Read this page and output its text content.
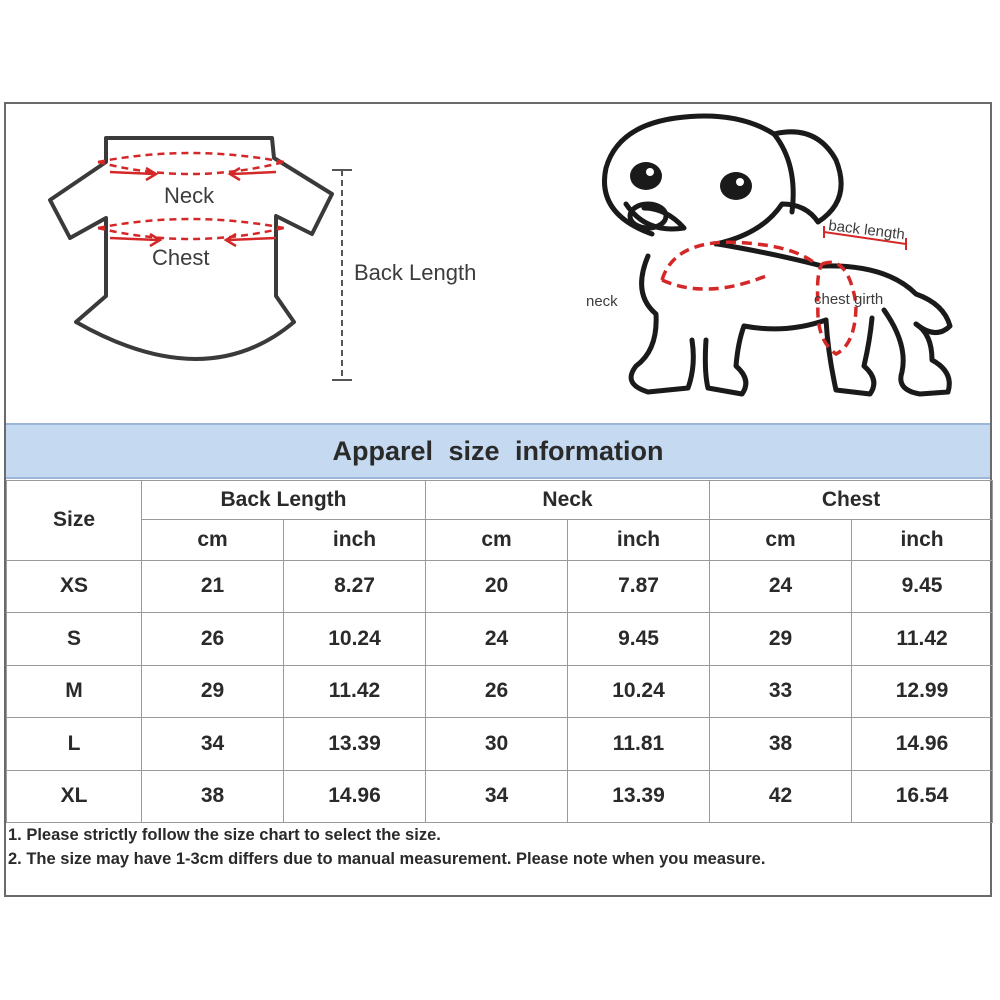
Neck
Chest
Back Length
back length
neck	chest girth
Apparel size information
Size	Back Length		Neck		Chest	
	cm	inch	cm	inch	cm	inch
XS	21	8.27	20	7.87	24	9.45
S	26	10.24	24	9.45	29	11.42
M	29	11.42	26	10.24	33	12.99
L	34	13.39	30	11.81	38	14.96
XL	38	14.96	34	13.39	42	16.54
1. Please strictly follow the size chart to select the size.
2. The size may have 1-3cm differs due to manual measurement. Please note when you measure.
